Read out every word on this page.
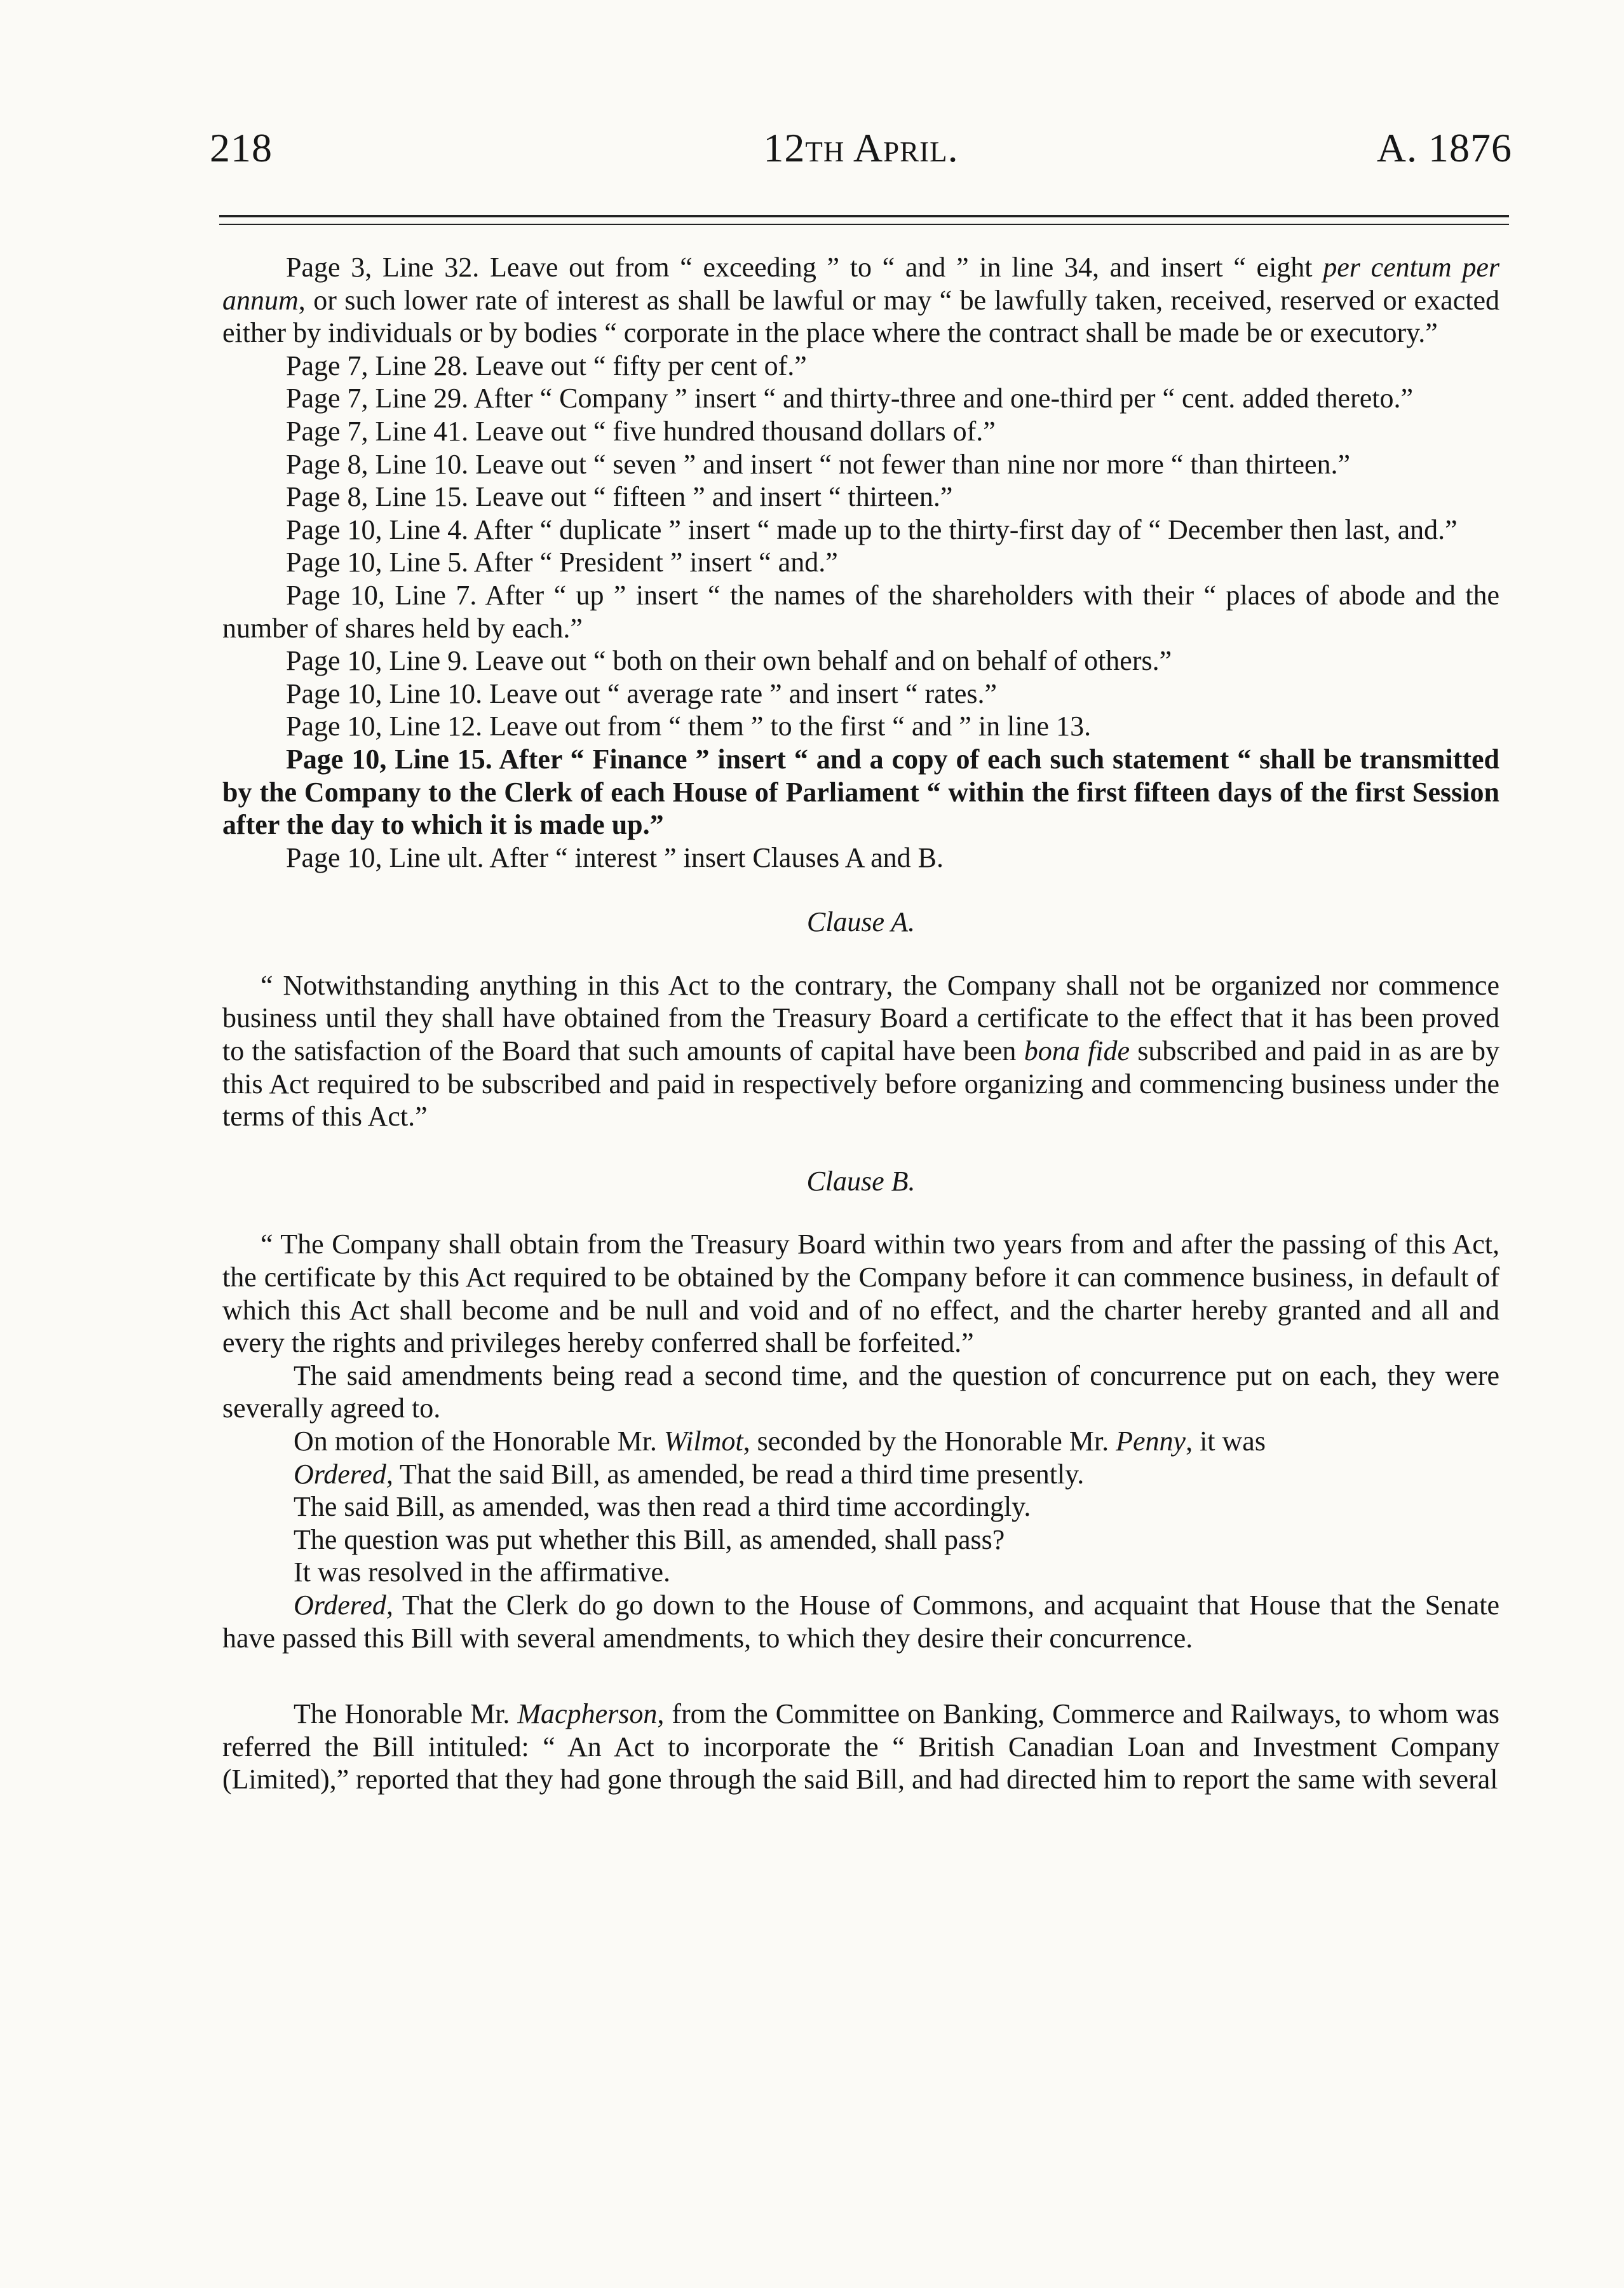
218	12th April.	A. 1876

Page 3, Line 32. Leave out from “ exceeding ” to “ and ” in line 34, and insert “ eight per centum per annum, or such lower rate of interest as shall be lawful or may “ be lawfully taken, received, reserved or exacted either by individuals or by bodies “ corporate in the place where the contract shall be made be or executory.”

Page 7, Line 28. Leave out “ fifty per cent of.”

Page 7, Line 29. After “ Company ” insert “ and thirty-three and one-third per “ cent. added thereto.”

Page 7, Line 41. Leave out “ five hundred thousand dollars of.”

Page 8, Line 10. Leave out “ seven ” and insert “ not fewer than nine nor more “ than thirteen.”

Page 8, Line 15. Leave out “ fifteen ” and insert “ thirteen.”

Page 10, Line 4. After “ duplicate ” insert “ made up to the thirty-first day of “ December then last, and.”

Page 10, Line 5. After “ President ” insert “ and.”

Page 10, Line 7. After “ up ” insert “ the names of the shareholders with their “ places of abode and the number of shares held by each.”

Page 10, Line 9. Leave out “ both on their own behalf and on behalf of others.”

Page 10, Line 10. Leave out “ average rate ” and insert “ rates.”

Page 10, Line 12. Leave out from “ them ” to the first “ and ” in line 13.

Page 10, Line 15. After “ Finance ” insert “ and a copy of each such statement “ shall be transmitted by the Company to the Clerk of each House of Parliament “ within the first fifteen days of the first Session after the day to which it is made up.”

Page 10, Line ult. After “ interest ” insert Clauses A and B.

Clause A.

“ Notwithstanding anything in this Act to the contrary, the Company shall not be organized nor commence business until they shall have obtained from the Treasury Board a certificate to the effect that it has been proved to the satisfaction of the Board that such amounts of capital have been bona fide subscribed and paid in as are by this Act required to be subscribed and paid in respectively before organizing and commencing business under the terms of this Act.”

Clause B.

“ The Company shall obtain from the Treasury Board within two years from and after the passing of this Act, the certificate by this Act required to be obtained by the Company before it can commence business, in default of which this Act shall become and be null and void and of no effect, and the charter hereby granted and all and every the rights and privileges hereby conferred shall be forfeited.”

The said amendments being read a second time, and the question of concurrence put on each, they were severally agreed to.

On motion of the Honorable Mr. Wilmot, seconded by the Honorable Mr. Penny, it was

Ordered, That the said Bill, as amended, be read a third time presently.

The said Bill, as amended, was then read a third time accordingly.

The question was put whether this Bill, as amended, shall pass?

It was resolved in the affirmative.

Ordered, That the Clerk do go down to the House of Commons, and acquaint that House that the Senate have passed this Bill with several amendments, to which they desire their concurrence.

The Honorable Mr. Macpherson, from the Committee on Banking, Commerce and Railways, to whom was referred the Bill intituled: “ An Act to incorporate the “ British Canadian Loan and Investment Company (Limited),” reported that they had gone through the said Bill, and had directed him to report the same with several
